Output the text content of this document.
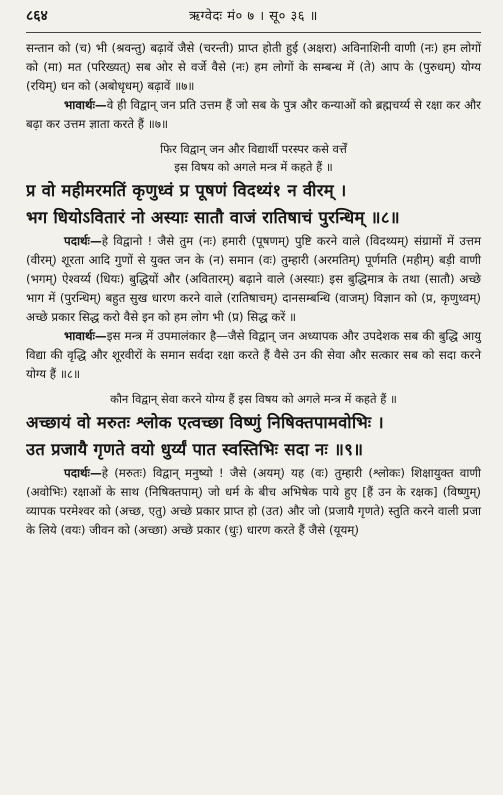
८६४	ऋग्वेदः मं० ७ । सू० ३६ ॥

सन्तान को (च) भी (श्रवन्तु) बढ़ावें जैसे (चरन्ती) प्राप्त होती हुई (अक्षरा) अविनाशिनी वाणी (नः) हम लोगों को (मा) मत (परिख्यत्) सब ओर से वर्जे वैसे (नः) हम लोगों के सम्बन्ध में (ते) आप के (पुरुधम्) योग्य (रयिम्) धन को (अबोधृधम्) बढ़ावें ॥७॥

भावार्थः—वे ही विद्वान् जन प्रति उत्तम हैं जो सब के पुत्र और कन्याओं को ब्रह्मचर्य्य से रक्षा कर और बढ़ा कर उत्तम ज्ञाता करते हैं ॥७॥

फिर विद्वान् जन और विद्यार्थी परस्पर कसे वर्त्तें

इस विषय को अगले मन्त्र में कहते हैं ॥

प्र वो महीमरमतिं कृणुध्वं प्र पूषणं विदथ्यं१ न वीरम् ।

भग धियोऽवितारं नो अस्याः सातौ वाजं रातिषाचं पुरन्धिम् ॥८॥

पदार्थः—हे विद्वानो ! जैसे तुम (नः) हमारी (पूषणम्) पुष्टि करने वाले (विदथ्यम्) संग्रामों में उत्तम (वीरम्) शूरता आदि गुणों से युक्त जन के (न) समान (वः) तुम्हारी (अरमतिम्) पूर्णमति (महीम्) बड़ी वाणी (भगम्) ऐश्वर्य्य (धियः) बुद्धियों और (अवितारम्) बढ़ाने वाले (अस्याः) इस बुद्धिमात्र के तथा (सातौ) अच्छे भाग में (पुरन्धिम्) बहुत सुख धारण करने वाले (रातिषाचम्) दानसम्बन्धि (वाजम्) विज्ञान को (प्र, कृणुध्वम्) अच्छे प्रकार सिद्ध करो वैसे इन को हम लोग भी (प्र) सिद्ध करें ॥

भावार्थः—इस मन्त्र में उपमालंकार है—जैसे विद्वान् जन अध्यापक और उपदेशक सब की बुद्धि आयु विद्या की वृद्धि और शूरवीरों के समान सर्वदा रक्षा करते हैं वैसे उन की सेवा और सत्कार सब को सदा करने योग्य हैं ॥८॥

कौन विद्वान् सेवा करने योग्य हैं इस विषय को अगले मन्त्र में कहते हैं ॥

अच्छायं वो मरुतः श्लोक एत्वच्छा विष्णुं निषिक्तपामवोभिः ।

उत प्रजायै गृणते वयो धुर्य्यं पात स्वस्तिभिः सदा नः ॥९॥

पदार्थः—हे (मरुतः) विद्वान् मनुष्यो ! जैसे (अयम्) यह (वः) तुम्हारी (श्लोकः) शिक्षायुक्त वाणी (अवोभिः) रक्षाओं के साथ (निषिक्तपाम्) जो धर्म के बीच अभिषेक पाये हुए [हैं उन के रक्षक] (विष्णुम्) व्यापक परमेश्वर को (अच्छ, एतु) अच्छे प्रकार प्राप्त हो (उत) और जो (प्रजायै गृणते) स्तुति करने वाली प्रजा के लिये (वयः) जीवन को (अच्छा) अच्छे प्रकार (धुः) धारण करते हैं जैसे (यूयम्)
